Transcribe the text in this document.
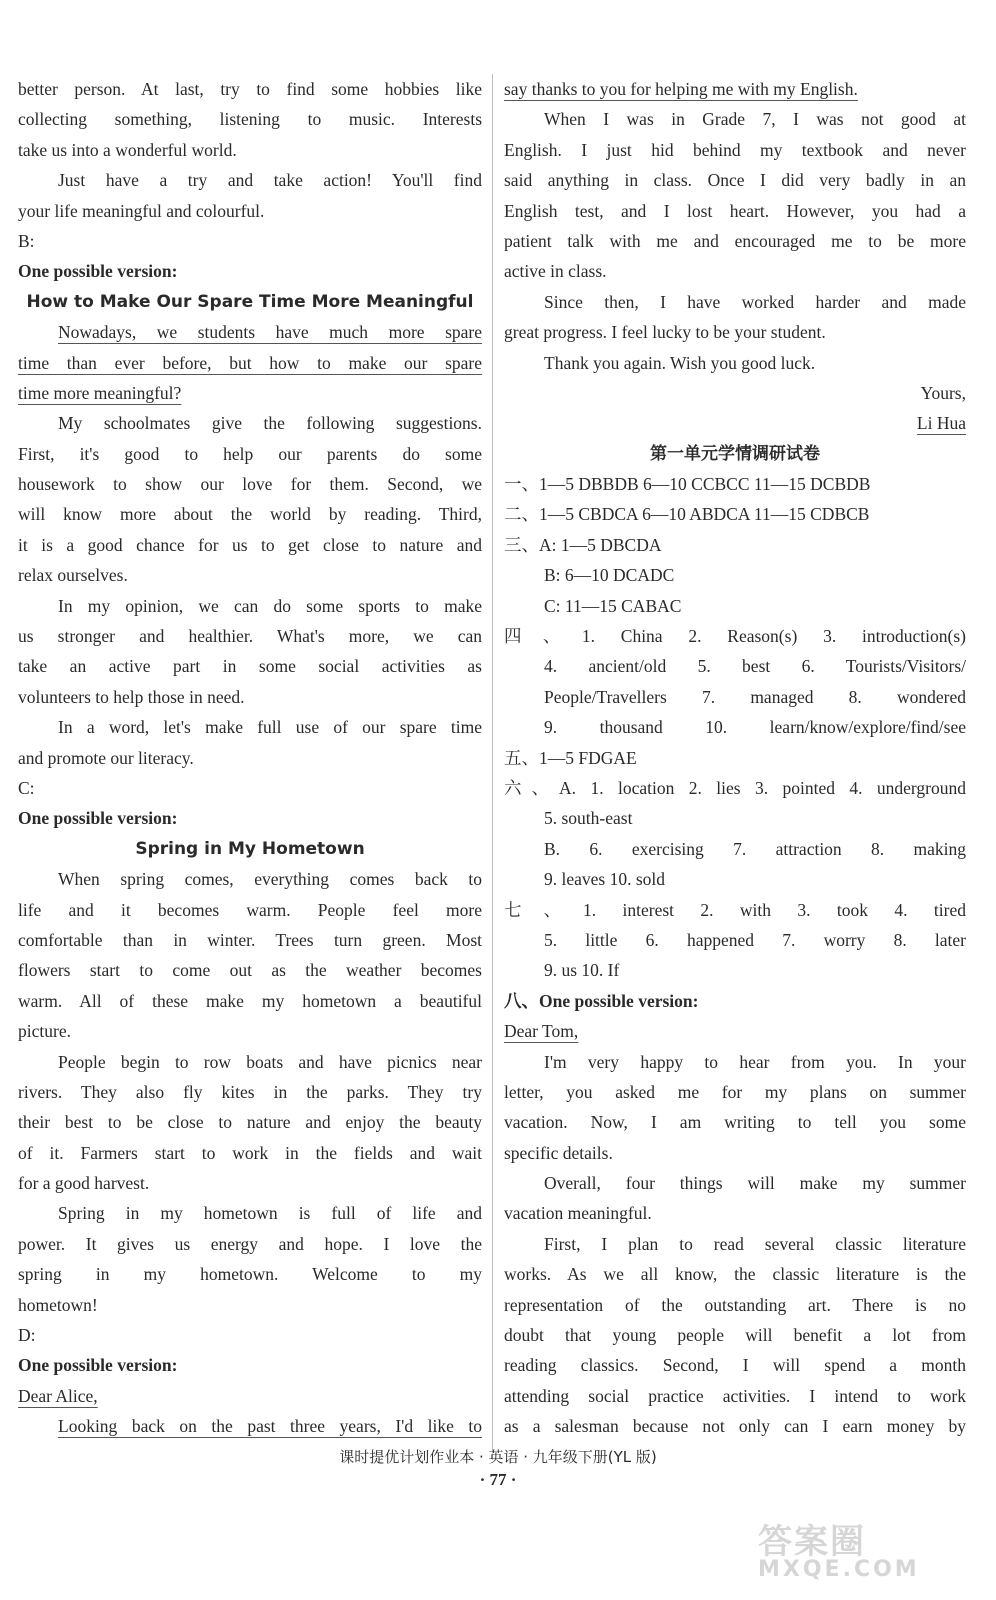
better person. At last, try to find some hobbies like
collecting something, listening to music. Interests
take us into a wonderful world.
Just have a try and take action! You'll find
your life meaningful and colourful.
B:
One possible version:
How to Make Our Spare Time More Meaningful
Nowadays, we students have much more spare
time than ever before, but how to make our spare
time more meaningful?
My schoolmates give the following suggestions.
First, it's good to help our parents do some
housework to show our love for them. Second, we
will know more about the world by reading. Third,
it is a good chance for us to get close to nature and
relax ourselves.
In my opinion, we can do some sports to make
us stronger and healthier. What's more, we can
take an active part in some social activities as
volunteers to help those in need.
In a word, let's make full use of our spare time
and promote our literacy.
C:
One possible version:
Spring in My Hometown
When spring comes, everything comes back to
life and it becomes warm. People feel more
comfortable than in winter. Trees turn green. Most
flowers start to come out as the weather becomes
warm. All of these make my hometown a beautiful
picture.
People begin to row boats and have picnics near
rivers. They also fly kites in the parks. They try
their best to be close to nature and enjoy the beauty
of it. Farmers start to work in the fields and wait
for a good harvest.
Spring in my hometown is full of life and
power. It gives us energy and hope. I love the
spring in my hometown. Welcome to my
hometown!
D:
One possible version:
Dear Alice,
Looking back on the past three years, I'd like to
say thanks to you for helping me with my English.
When I was in Grade 7, I was not good at
English. I just hid behind my textbook and never
said anything in class. Once I did very badly in an
English test, and I lost heart. However, you had a
patient talk with me and encouraged me to be more
active in class.
Since then, I have worked harder and made
great progress. I feel lucky to be your student.
Thank you again. Wish you good luck.
Yours,
Li Hua
第一单元学情调研试卷
一、1—5 DBBDB 6—10 CCBCC 11—15 DCBDB
二、1—5 CBDCA 6—10 ABDCA 11—15 CDBCB
三、A: 1—5 DBCDA
B: 6—10 DCADC
C: 11—15 CABAC
四、1. China 2. Reason(s) 3. introduction(s)
4. ancient/old 5. best 6. Tourists/Visitors/
People/Travellers 7. managed 8. wondered
9. thousand 10. learn/know/explore/find/see
五、1—5 FDGAE
六、A. 1. location 2. lies 3. pointed 4. underground
5. south-east
B. 6. exercising 7. attraction 8. making
9. leaves 10. sold
七、1. interest 2. with 3. took 4. tired
5. little 6. happened 7. worry 8. later
9. us 10. If
八、One possible version:
Dear Tom,
I'm very happy to hear from you. In your
letter, you asked me for my plans on summer
vacation. Now, I am writing to tell you some
specific details.
Overall, four things will make my summer
vacation meaningful.
First, I plan to read several classic literature
works. As we all know, the classic literature is the
representation of the outstanding art. There is no
doubt that young people will benefit a lot from
reading classics. Second, I will spend a month
attending social practice activities. I intend to work
as a salesman because not only can I earn money by
课时提优计划作业本 · 英语 · 九年级下册(YL 版)
· 77 ·
答案圈
MXQE.COM
